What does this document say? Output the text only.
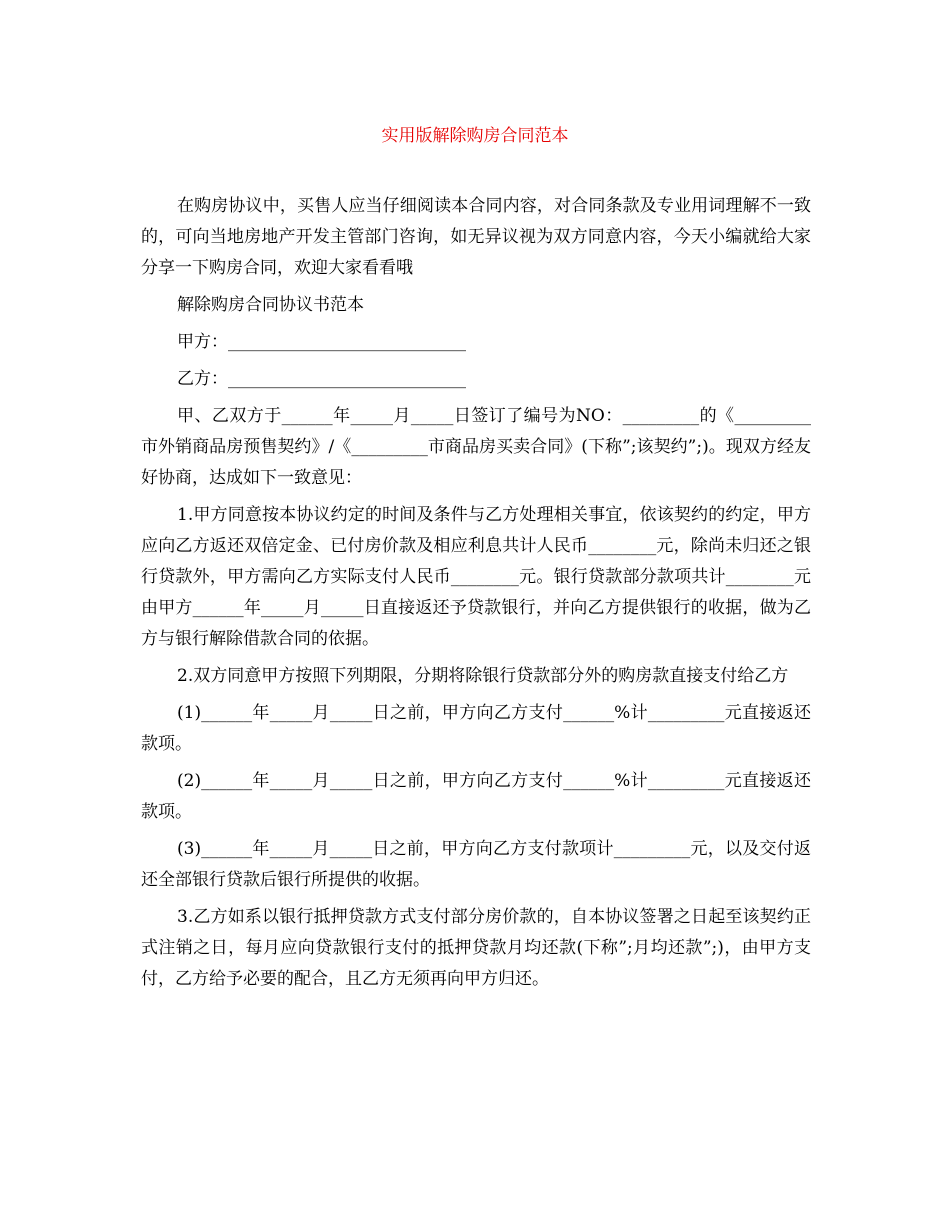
实用版解除购房合同范本

在购房协议中，买售人应当仔细阅读本合同内容，对合同条款及专业用词理解不一致的，可向当地房地产开发主管部门咨询，如无异议视为双方同意内容，今天小编就给大家分享一下购房合同，欢迎大家看看哦

解除购房合同协议书范本

甲方：____________________________

乙方：____________________________

甲、乙双方于______年_____月_____日签订了编号为NO：_________的《_________市外销商品房预售契约》/《_________市商品房买卖合同》(下称”;该契约”;)。现双方经友好协商，达成如下一致意见：

1.甲方同意按本协议约定的时间及条件与乙方处理相关事宜，依该契约的约定，甲方应向乙方返还双倍定金、已付房价款及相应利息共计人民币________元，除尚未归还之银行贷款外，甲方需向乙方实际支付人民币________元。银行贷款部分款项共计________元由甲方______年_____月_____日直接返还予贷款银行，并向乙方提供银行的收据，做为乙方与银行解除借款合同的依据。

2.双方同意甲方按照下列期限，分期将除银行贷款部分外的购房款直接支付给乙方

(1)______年_____月_____日之前，甲方向乙方支付______%计_________元直接返还款项。

(2)______年_____月_____日之前，甲方向乙方支付______%计_________元直接返还款项。

(3)______年_____月_____日之前，甲方向乙方支付款项计_________元，以及交付返还全部银行贷款后银行所提供的收据。

3.乙方如系以银行抵押贷款方式支付部分房价款的，自本协议签署之日起至该契约正式注销之日，每月应向贷款银行支付的抵押贷款月均还款(下称”;月均还款”;)，由甲方支付，乙方给予必要的配合，且乙方无须再向甲方归还。
